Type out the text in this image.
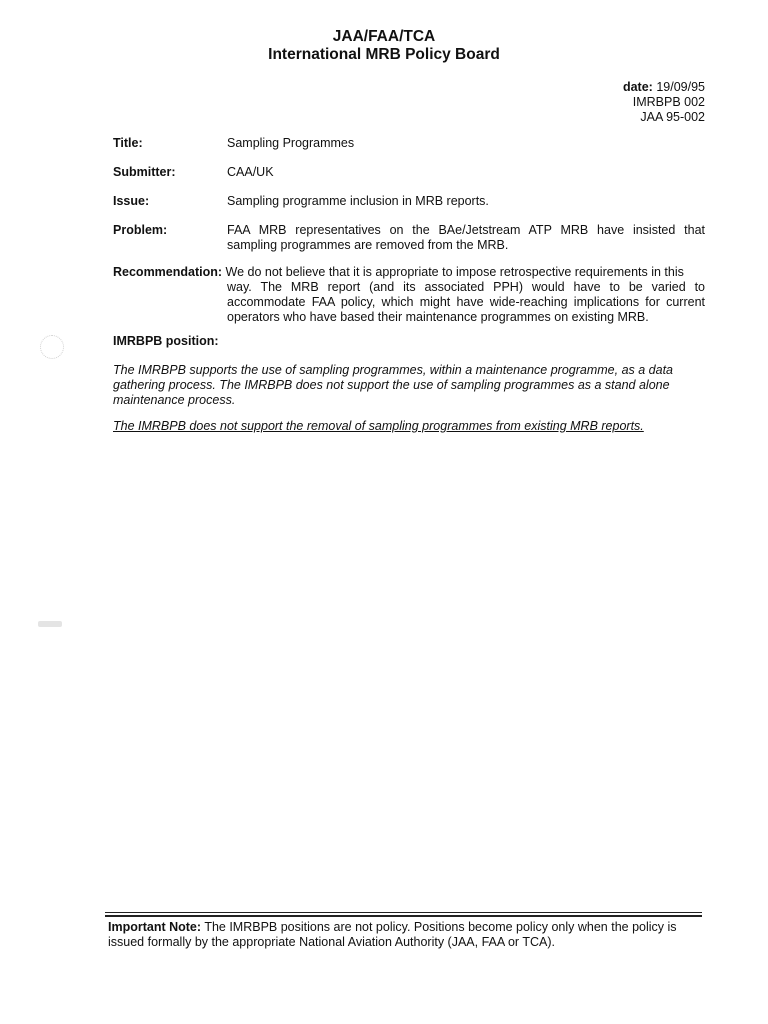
JAA/FAA/TCA
International MRB Policy Board
date: 19/09/95
IMRBPB 002
JAA 95-002
Title:	Sampling Programmes
Submitter:	CAA/UK
Issue:	Sampling programme inclusion in MRB reports.
Problem:	FAA MRB representatives on the BAe/Jetstream ATP MRB have insisted that sampling programmes are removed from the MRB.
Recommendation: We do not believe that it is appropriate to impose retrospective requirements in this
way. The MRB report (and its associated PPH) would have to be varied to accommodate FAA policy, which might have wide-reaching implications for current operators who have based their maintenance programmes on existing MRB.
IMRBPB position:
The IMRBPB supports the use of sampling programmes, within a maintenance programme, as a data gathering process. The IMRBPB does not support the use of sampling programmes as a stand alone maintenance process.
The IMRBPB does not support the removal of sampling programmes from existing MRB reports.
Important Note: The IMRBPB positions are not policy. Positions become policy only when the policy is issued formally by the appropriate National Aviation Authority (JAA, FAA or TCA).
